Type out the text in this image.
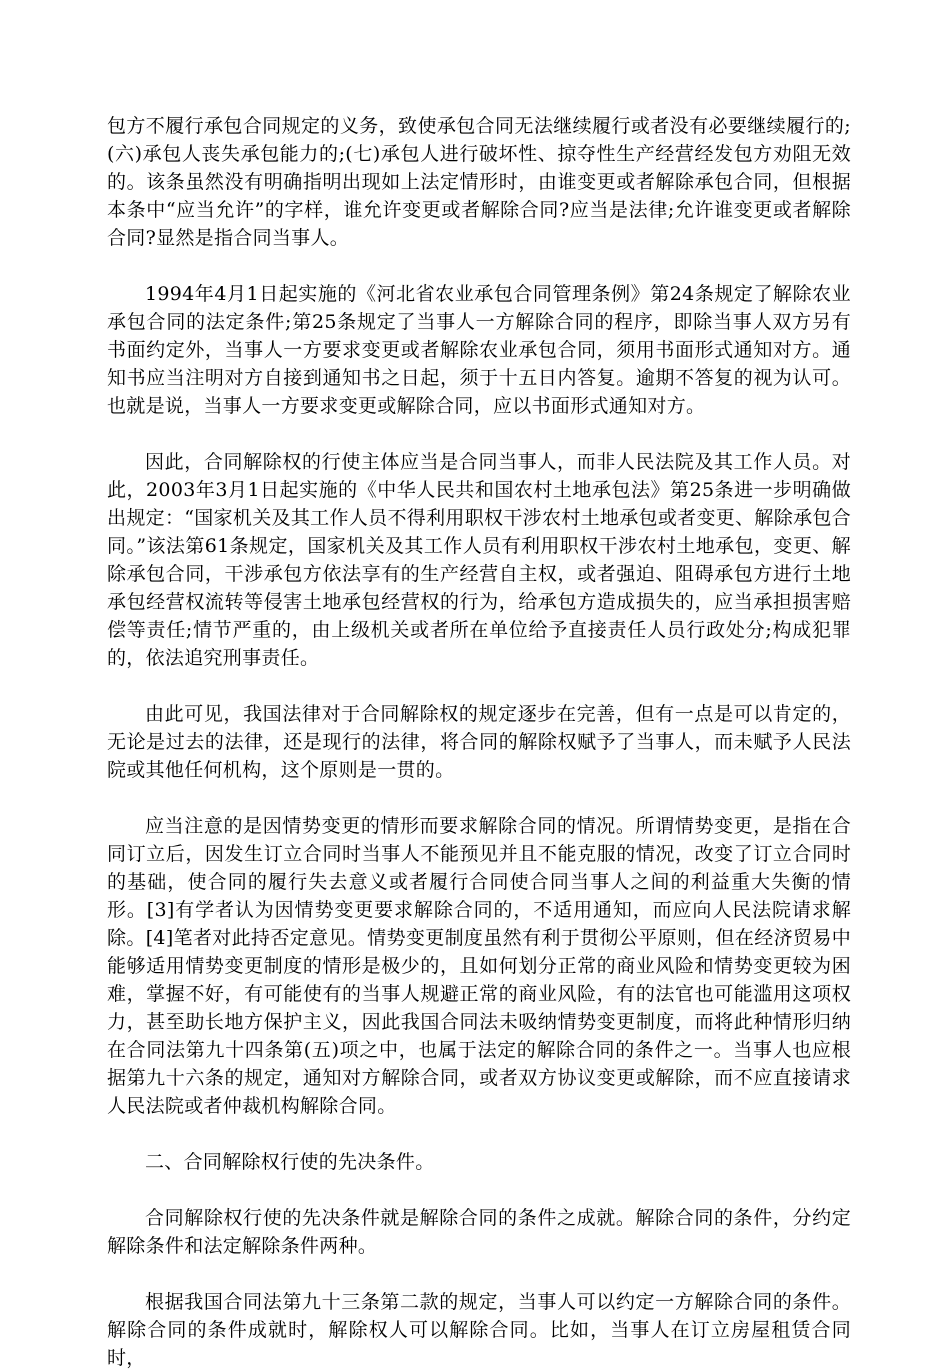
包方不履行承包合同规定的义务，致使承包合同无法继续履行或者没有必要继续履行的;(六)承包人丧失承包能力的;(七)承包人进行破坏性、掠夺性生产经营经发包方劝阻无效的。该条虽然没有明确指明出现如上法定情形时，由谁变更或者解除承包合同，但根据本条中“应当允许”的字样，谁允许变更或者解除合同?应当是法律;允许谁变更或者解除合同?显然是指合同当事人。

1994年4月1日起实施的《河北省农业承包合同管理条例》第24条规定了解除农业承包合同的法定条件;第25条规定了当事人一方解除合同的程序，即除当事人双方另有书面约定外，当事人一方要求变更或者解除农业承包合同，须用书面形式通知对方。通知书应当注明对方自接到通知书之日起，须于十五日内答复。逾期不答复的视为认可。也就是说，当事人一方要求变更或解除合同，应以书面形式通知对方。

因此，合同解除权的行使主体应当是合同当事人，而非人民法院及其工作人员。对此，2003年3月1日起实施的《中华人民共和国农村土地承包法》第25条进一步明确做出规定：“国家机关及其工作人员不得利用职权干涉农村土地承包或者变更、解除承包合同。”该法第61条规定，国家机关及其工作人员有利用职权干涉农村土地承包，变更、解除承包合同，干涉承包方依法享有的生产经营自主权，或者强迫、阻碍承包方进行土地承包经营权流转等侵害土地承包经营权的行为，给承包方造成损失的，应当承担损害赔偿等责任;情节严重的，由上级机关或者所在单位给予直接责任人员行政处分;构成犯罪的，依法追究刑事责任。

由此可见，我国法律对于合同解除权的规定逐步在完善，但有一点是可以肯定的，无论是过去的法律，还是现行的法律，将合同的解除权赋予了当事人，而未赋予人民法院或其他任何机构，这个原则是一贯的。

应当注意的是因情势变更的情形而要求解除合同的情况。所谓情势变更，是指在合同订立后，因发生订立合同时当事人不能预见并且不能克服的情况，改变了订立合同时的基础，使合同的履行失去意义或者履行合同使合同当事人之间的利益重大失衡的情形。[3]有学者认为因情势变更要求解除合同的，不适用通知，而应向人民法院请求解除。[4]笔者对此持否定意见。情势变更制度虽然有利于贯彻公平原则，但在经济贸易中能够适用情势变更制度的情形是极少的，且如何划分正常的商业风险和情势变更较为困难，掌握不好，有可能使有的当事人规避正常的商业风险，有的法官也可能滥用这项权力，甚至助长地方保护主义，因此我国合同法未吸纳情势变更制度，而将此种情形归纳在合同法第九十四条第(五)项之中，也属于法定的解除合同的条件之一。当事人也应根据第九十六条的规定，通知对方解除合同，或者双方协议变更或解除，而不应直接请求人民法院或者仲裁机构解除合同。

二、合同解除权行使的先决条件。

合同解除权行使的先决条件就是解除合同的条件之成就。解除合同的条件，分约定解除条件和法定解除条件两种。

根据我国合同法第九十三条第二款的规定，当事人可以约定一方解除合同的条件。解除合同的条件成就时，解除权人可以解除合同。比如，当事人在订立房屋租赁合同时，
